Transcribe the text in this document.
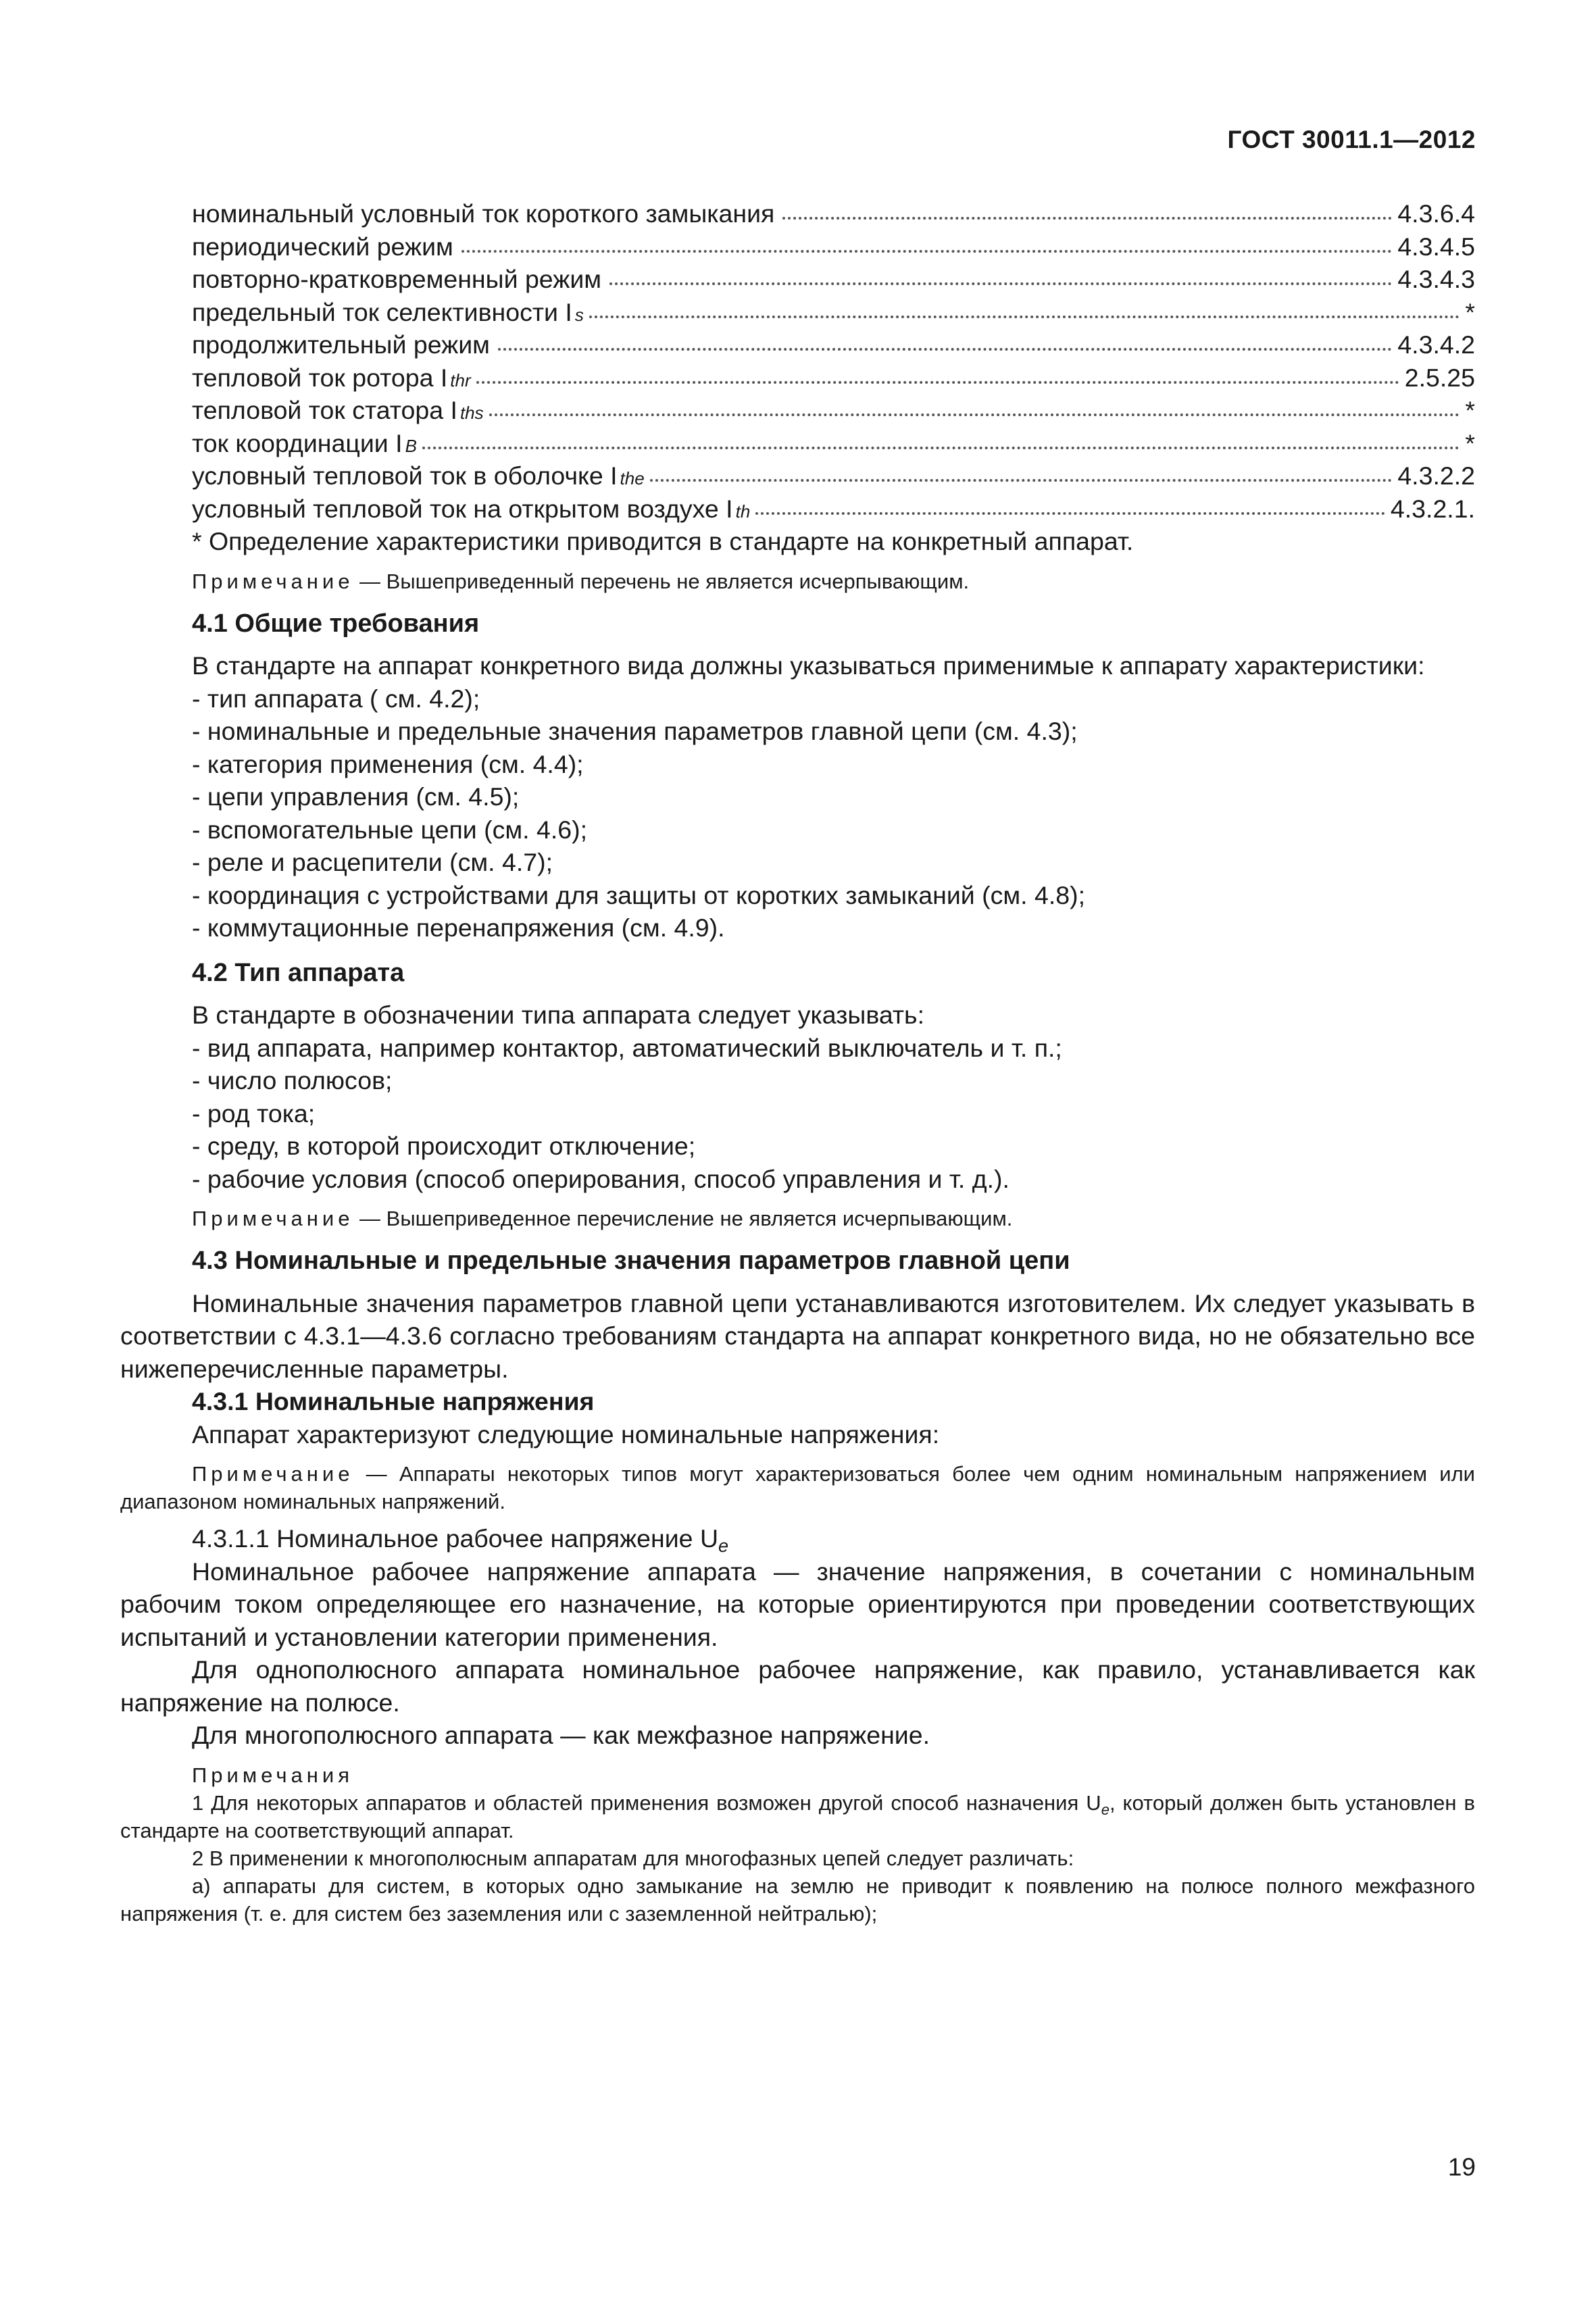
ГОСТ 30011.1—2012
номинальный условный ток короткого замыкания	4.3.6.4
периодический режим	4.3.4.5
повторно-кратковременный режим	4.3.4.3
предельный ток селективности I s	*
продолжительный режим	4.3.4.2
тепловой ток ротора I thr	2.5.25
тепловой ток статора I ths	*
ток координации I B	*
условный тепловой ток в оболочке I the	4.3.2.2
условный тепловой ток на открытом воздухе I th	4.3.2.1.
* Определение характеристики приводится в стандарте на конкретный аппарат.
Примечание — Вышеприведенный перечень не является исчерпывающим.
4.1 Общие требования
В стандарте на аппарат конкретного вида должны указываться применимые к аппарату характеристики:
- тип аппарата ( см. 4.2);
- номинальные и предельные значения параметров главной цепи (см. 4.3);
- категория применения (см. 4.4);
- цепи управления (см. 4.5);
- вспомогательные цепи (см. 4.6);
- реле и расцепители (см. 4.7);
- координация с устройствами для защиты от коротких замыканий (см. 4.8);
- коммутационные перенапряжения (см. 4.9).
4.2 Тип аппарата
В стандарте в обозначении типа аппарата следует указывать:
- вид аппарата, например контактор, автоматический выключатель и т. п.;
- число полюсов;
- род тока;
- среду, в которой происходит отключение;
- рабочие условия (способ оперирования, способ управления и т. д.).
Примечание — Вышеприведенное перечисление не является исчерпывающим.
4.3 Номинальные и предельные значения параметров главной цепи
Номинальные значения параметров главной цепи устанавливаются изготовителем. Их следует указывать в соответствии с 4.3.1—4.3.6 согласно требованиям стандарта на аппарат конкретного вида, но не обязательно все нижеперечисленные параметры.
4.3.1 Номинальные напряжения
Аппарат характеризуют следующие номинальные напряжения:
Примечание — Аппараты некоторых типов могут характеризоваться более чем одним номинальным напряжением или диапазоном номинальных напряжений.
4.3.1.1 Номинальное рабочее напряжение Ue
Номинальное рабочее напряжение аппарата — значение напряжения, в сочетании с номинальным рабочим током определяющее его назначение, на которые ориентируются при проведении соответствующих испытаний и установлении категории применения.
Для однополюсного аппарата номинальное рабочее напряжение, как правило, устанавливается как напряжение на полюсе.
Для многополюсного аппарата — как межфазное напряжение.
Примечания
1 Для некоторых аппаратов и областей применения возможен другой способ назначения $U_e$, который должен быть установлен в стандарте на соответствующий аппарат.
2 В применении к многополюсным аппаратам для многофазных цепей следует различать:
а) аппараты для систем, в которых одно замыкание на землю не приводит к появлению на полюсе полного межфазного напряжения (т. е. для систем без заземления или с заземленной нейтралью);
19
